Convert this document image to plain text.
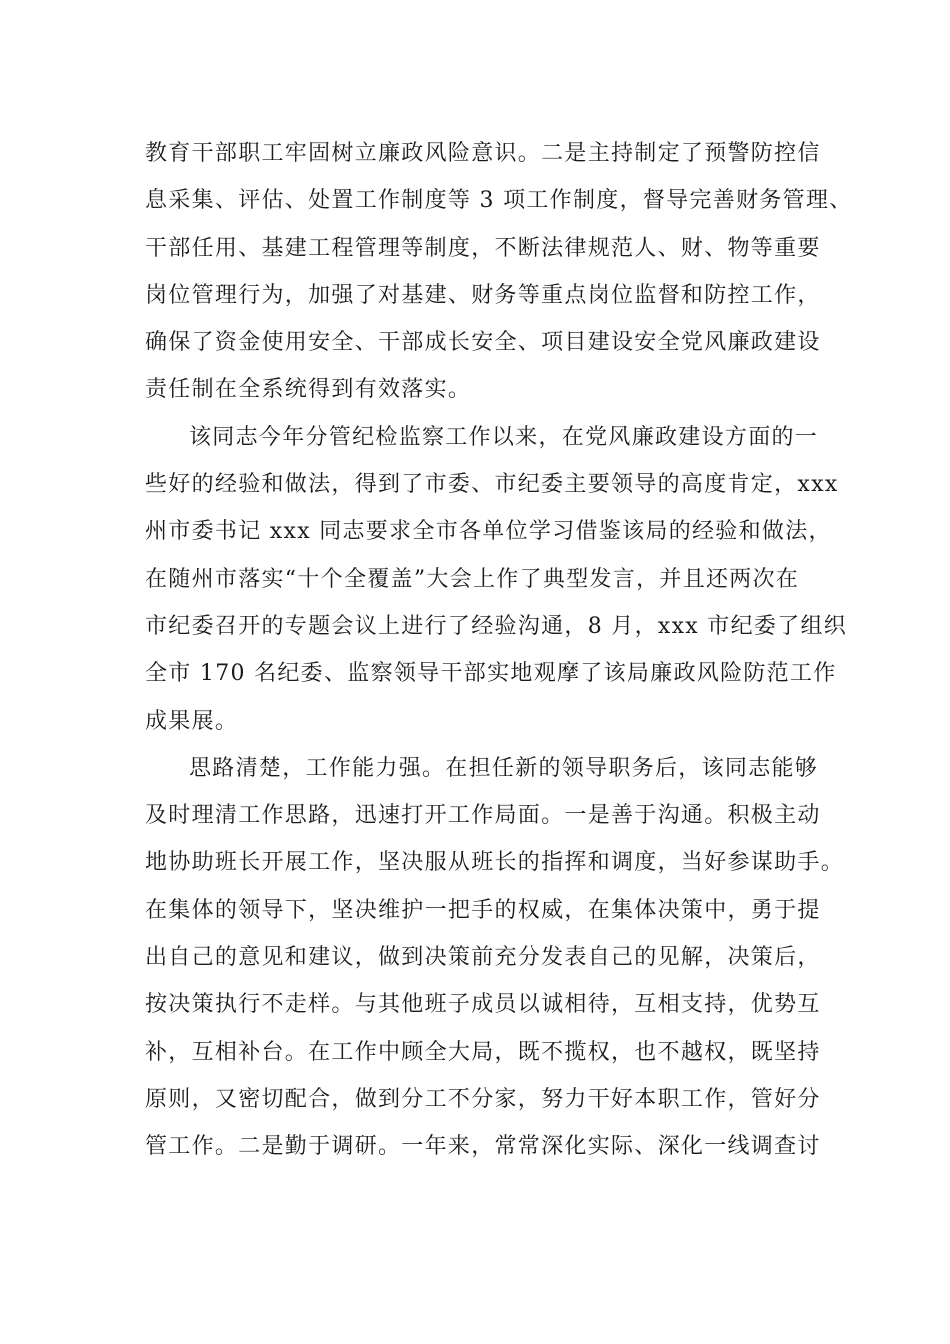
教育干部职工牢固树立廉政风险意识。二是主持制定了预警防控信
息采集、评估、处置工作制度等 3 项工作制度，督导完善财务管理、
干部任用、基建工程管理等制度，不断法律规范人、财、物等重要
岗位管理行为，加强了对基建、财务等重点岗位监督和防控工作，
确保了资金使用安全、干部成长安全、项目建设安全党风廉政建设
责任制在全系统得到有效落实。
该同志今年分管纪检监察工作以来，在党风廉政建设方面的一
些好的经验和做法，得到了市委、市纪委主要领导的高度肯定，xxx
州市委书记 xxx 同志要求全市各单位学习借鉴该局的经验和做法，
在随州市落实“十个全覆盖”大会上作了典型发言，并且还两次在
市纪委召开的专题会议上进行了经验沟通，8 月，xxx 市纪委了组织
全市 170 名纪委、监察领导干部实地观摩了该局廉政风险防范工作
成果展。
思路清楚，工作能力强。在担任新的领导职务后，该同志能够
及时理清工作思路，迅速打开工作局面。一是善于沟通。积极主动
地协助班长开展工作，坚决服从班长的指挥和调度，当好参谋助手。
在集体的领导下，坚决维护一把手的权威，在集体决策中，勇于提
出自己的意见和建议，做到决策前充分发表自己的见解，决策后，
按决策执行不走样。与其他班子成员以诚相待，互相支持，优势互
补，互相补台。在工作中顾全大局，既不揽权，也不越权，既坚持
原则，又密切配合，做到分工不分家，努力干好本职工作，管好分
管工作。二是勤于调研。一年来，常常深化实际、深化一线调查讨
